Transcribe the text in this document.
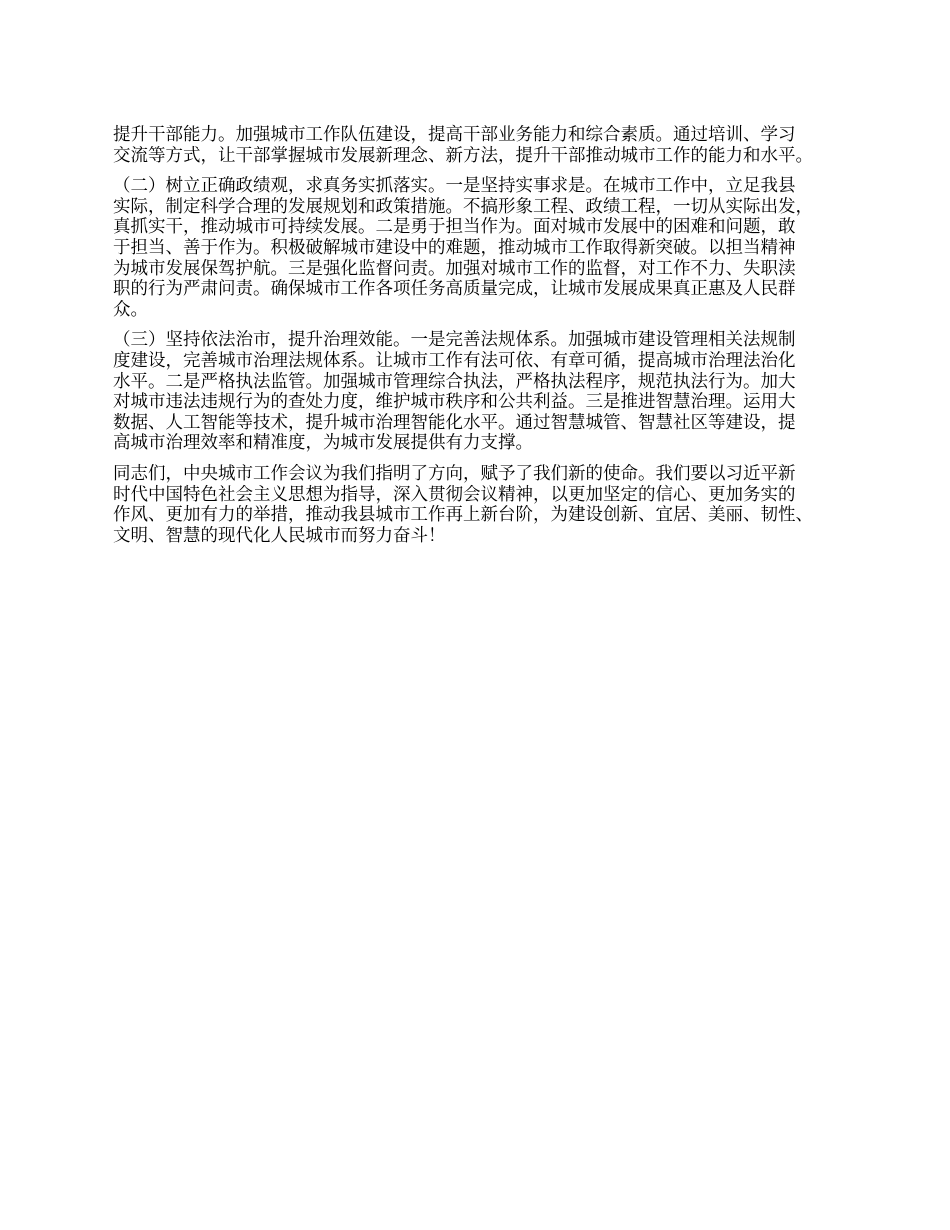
提升干部能力。加强城市工作队伍建设，提高干部业务能力和综合素质。通过培训、学习
交流等方式，让干部掌握城市发展新理念、新方法，提升干部推动城市工作的能力和水平。

（二）树立正确政绩观，求真务实抓落实。一是坚持实事求是。在城市工作中，立足我县
实际，制定科学合理的发展规划和政策措施。不搞形象工程、政绩工程，一切从实际出发，
真抓实干，推动城市可持续发展。二是勇于担当作为。面对城市发展中的困难和问题，敢
于担当、善于作为。积极破解城市建设中的难题，推动城市工作取得新突破。以担当精神
为城市发展保驾护航。三是强化监督问责。加强对城市工作的监督，对工作不力、失职渎
职的行为严肃问责。确保城市工作各项任务高质量完成，让城市发展成果真正惠及人民群
众。

（三）坚持依法治市，提升治理效能。一是完善法规体系。加强城市建设管理相关法规制
度建设，完善城市治理法规体系。让城市工作有法可依、有章可循，提高城市治理法治化
水平。二是严格执法监管。加强城市管理综合执法，严格执法程序，规范执法行为。加大
对城市违法违规行为的查处力度，维护城市秩序和公共利益。三是推进智慧治理。运用大
数据、人工智能等技术，提升城市治理智能化水平。通过智慧城管、智慧社区等建设，提
高城市治理效率和精准度，为城市发展提供有力支撑。

同志们，中央城市工作会议为我们指明了方向，赋予了我们新的使命。我们要以习近平新
时代中国特色社会主义思想为指导，深入贯彻会议精神，以更加坚定的信心、更加务实的
作风、更加有力的举措，推动我县城市工作再上新台阶，为建设创新、宜居、美丽、韧性、
文明、智慧的现代化人民城市而努力奋斗！
